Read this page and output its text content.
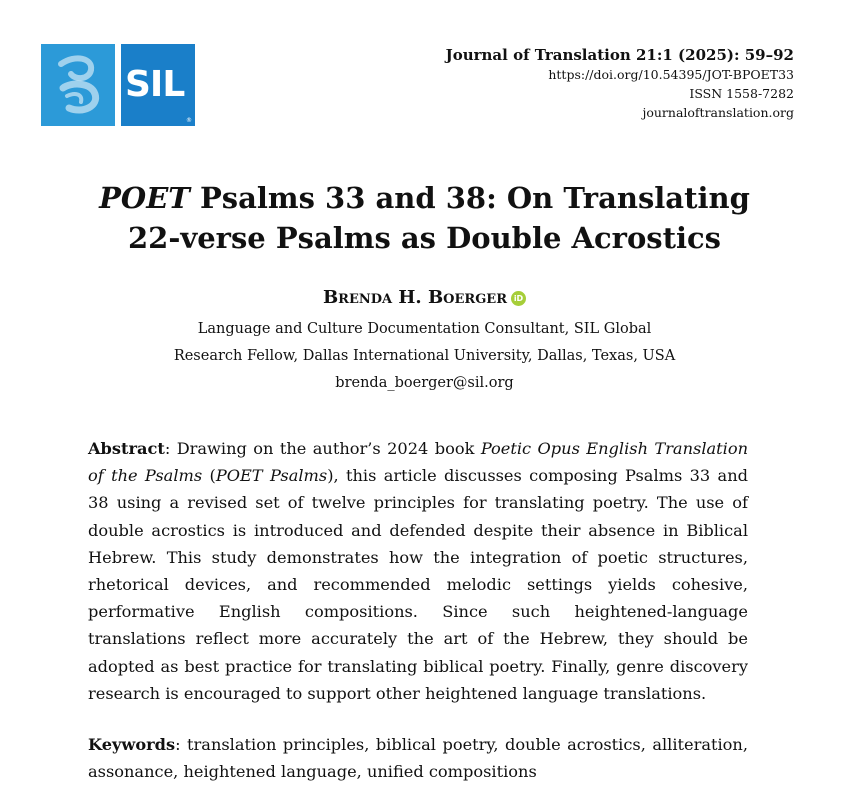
SIL
®
Journal of Translation 21:1 (2025): 59–92
https://doi.org/10.54395/JOT-BPOET33
ISSN 1558-7282
journaloftranslation.org
POET Psalms 33 and 38: On Translating
22-verse Psalms as Double Acrostics
Brenda H. Boerger iD
Language and Culture Documentation Consultant, SIL Global
Research Fellow, Dallas International University, Dallas, Texas, USA
brenda_boerger@sil.org
Abstract: Drawing on the author’s 2024 book Poetic Opus English Translation of the Psalms (POET Psalms), this article discusses composing Psalms 33 and 38 using a revised set of twelve principles for translating poetry. The use of double acrostics is introduced and defended despite their absence in Biblical Hebrew. This study demonstrates how the integration of poetic structures, rhetorical devices, and recommended melodic settings yields cohesive, performative English compositions. Since such heightened-language translations reflect more accurately the art of the Hebrew, they should be adopted as best practice for translating biblical poetry. Finally, genre discovery research is encouraged to support other heightened language translations.
Keywords: translation principles, biblical poetry, double acrostics, alliteration, assonance, heightened language, unified compositions
